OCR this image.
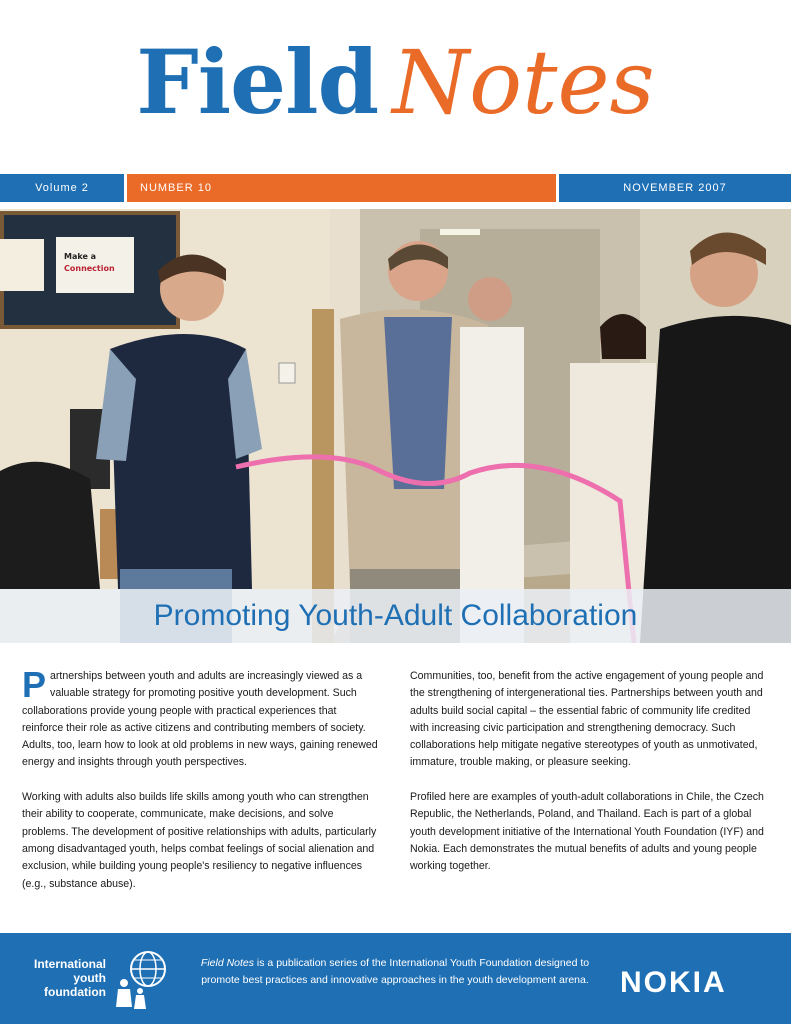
Field Notes
Volume 2	NUMBER 10	NOVEMBER 2007
Make a
Connection
Promoting Youth-Adult Collaboration

Partnerships between youth and adults are increasingly viewed as a valuable strategy for promoting positive youth development. Such collaborations provide young people with practical experiences that reinforce their role as active citizens and contributing members of society. Adults, too, learn how to look at old problems in new ways, gaining renewed energy and insights through youth perspectives.

Working with adults also builds life skills among youth who can strengthen their ability to cooperate, communicate, make decisions, and solve problems. The development of positive relationships with adults, particularly among disadvantaged youth, helps combat feelings of social alienation and exclusion, while building young people's resiliency to negative influences (e.g., substance abuse).

Communities, too, benefit from the active engagement of young people and the strengthening of intergenerational ties. Partnerships between youth and adults build social capital – the essential fabric of community life credited with increasing civic participation and strengthening democracy. Such collaborations help mitigate negative stereotypes of youth as unmotivated, immature, trouble making, or pleasure seeking.

Profiled here are examples of youth-adult collaborations in Chile, the Czech Republic, the Netherlands, Poland, and Thailand. Each is part of a global youth development initiative of the International Youth Foundation (IYF) and Nokia. Each demonstrates the mutual benefits of adults and young people working together.

International
youth
foundation
Field Notes is a publication series of the International Youth Foundation designed to promote best practices and innovative approaches in the youth development arena. NOKIA
